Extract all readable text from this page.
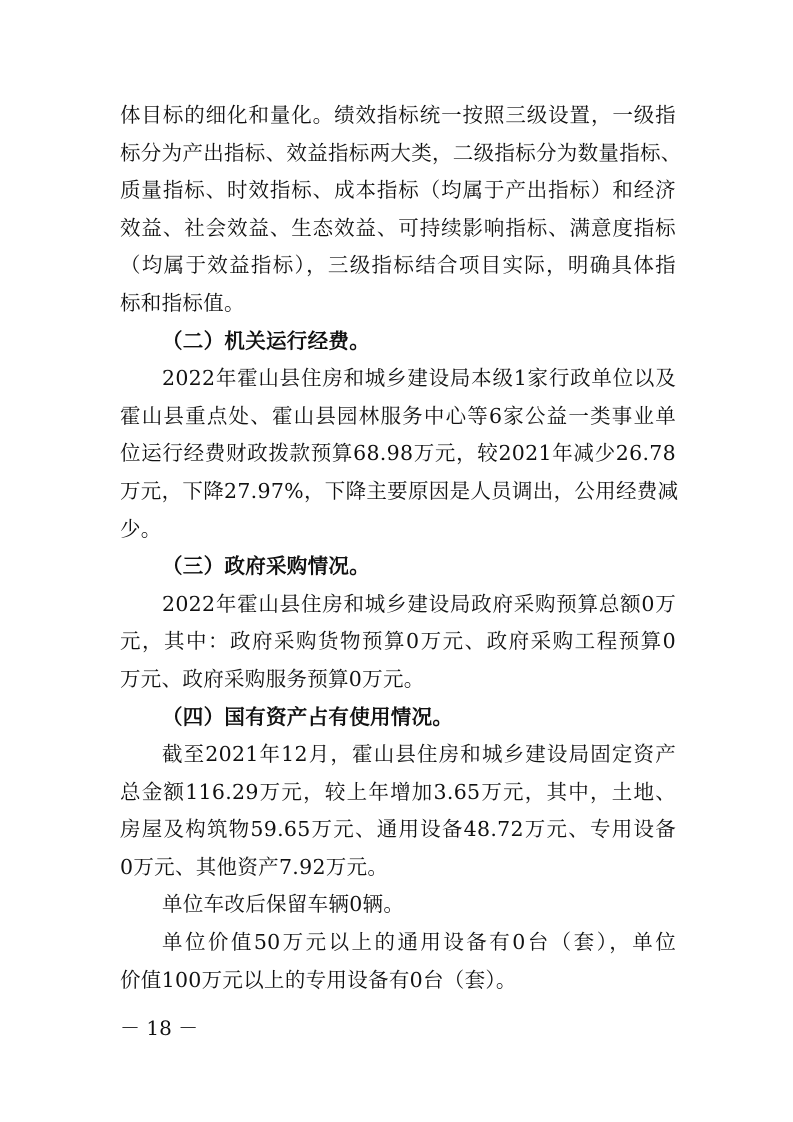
体目标的细化和量化。绩效指标统一按照三级设置，一级指
标分为产出指标、效益指标两大类，二级指标分为数量指标、
质量指标、时效指标、成本指标（均属于产出指标）和经济
效益、社会效益、生态效益、可持续影响指标、满意度指标
（均属于效益指标），三级指标结合项目实际，明确具体指
标和指标值。
（二）机关运行经费。
2022年霍山县住房和城乡建设局本级1家行政单位以及
霍山县重点处、霍山县园林服务中心等6家公益一类事业单
位运行经费财政拨款预算68.98万元，较2021年减少26.78
万元，下降27.97%，下降主要原因是人员调出，公用经费减
少。
（三）政府采购情况。
2022年霍山县住房和城乡建设局政府采购预算总额0万
元，其中：政府采购货物预算0万元、政府采购工程预算0
万元、政府采购服务预算0万元。
（四）国有资产占有使用情况。
截至2021年12月，霍山县住房和城乡建设局固定资产
总金额116.29万元，较上年增加3.65万元，其中，土地、
房屋及构筑物59.65万元、通用设备48.72万元、专用设备
0万元、其他资产7.92万元。
单位车改后保留车辆0辆。
单位价值50万元以上的通用设备有0台（套），单位
价值100万元以上的专用设备有0台（套）。
－ 18 －
